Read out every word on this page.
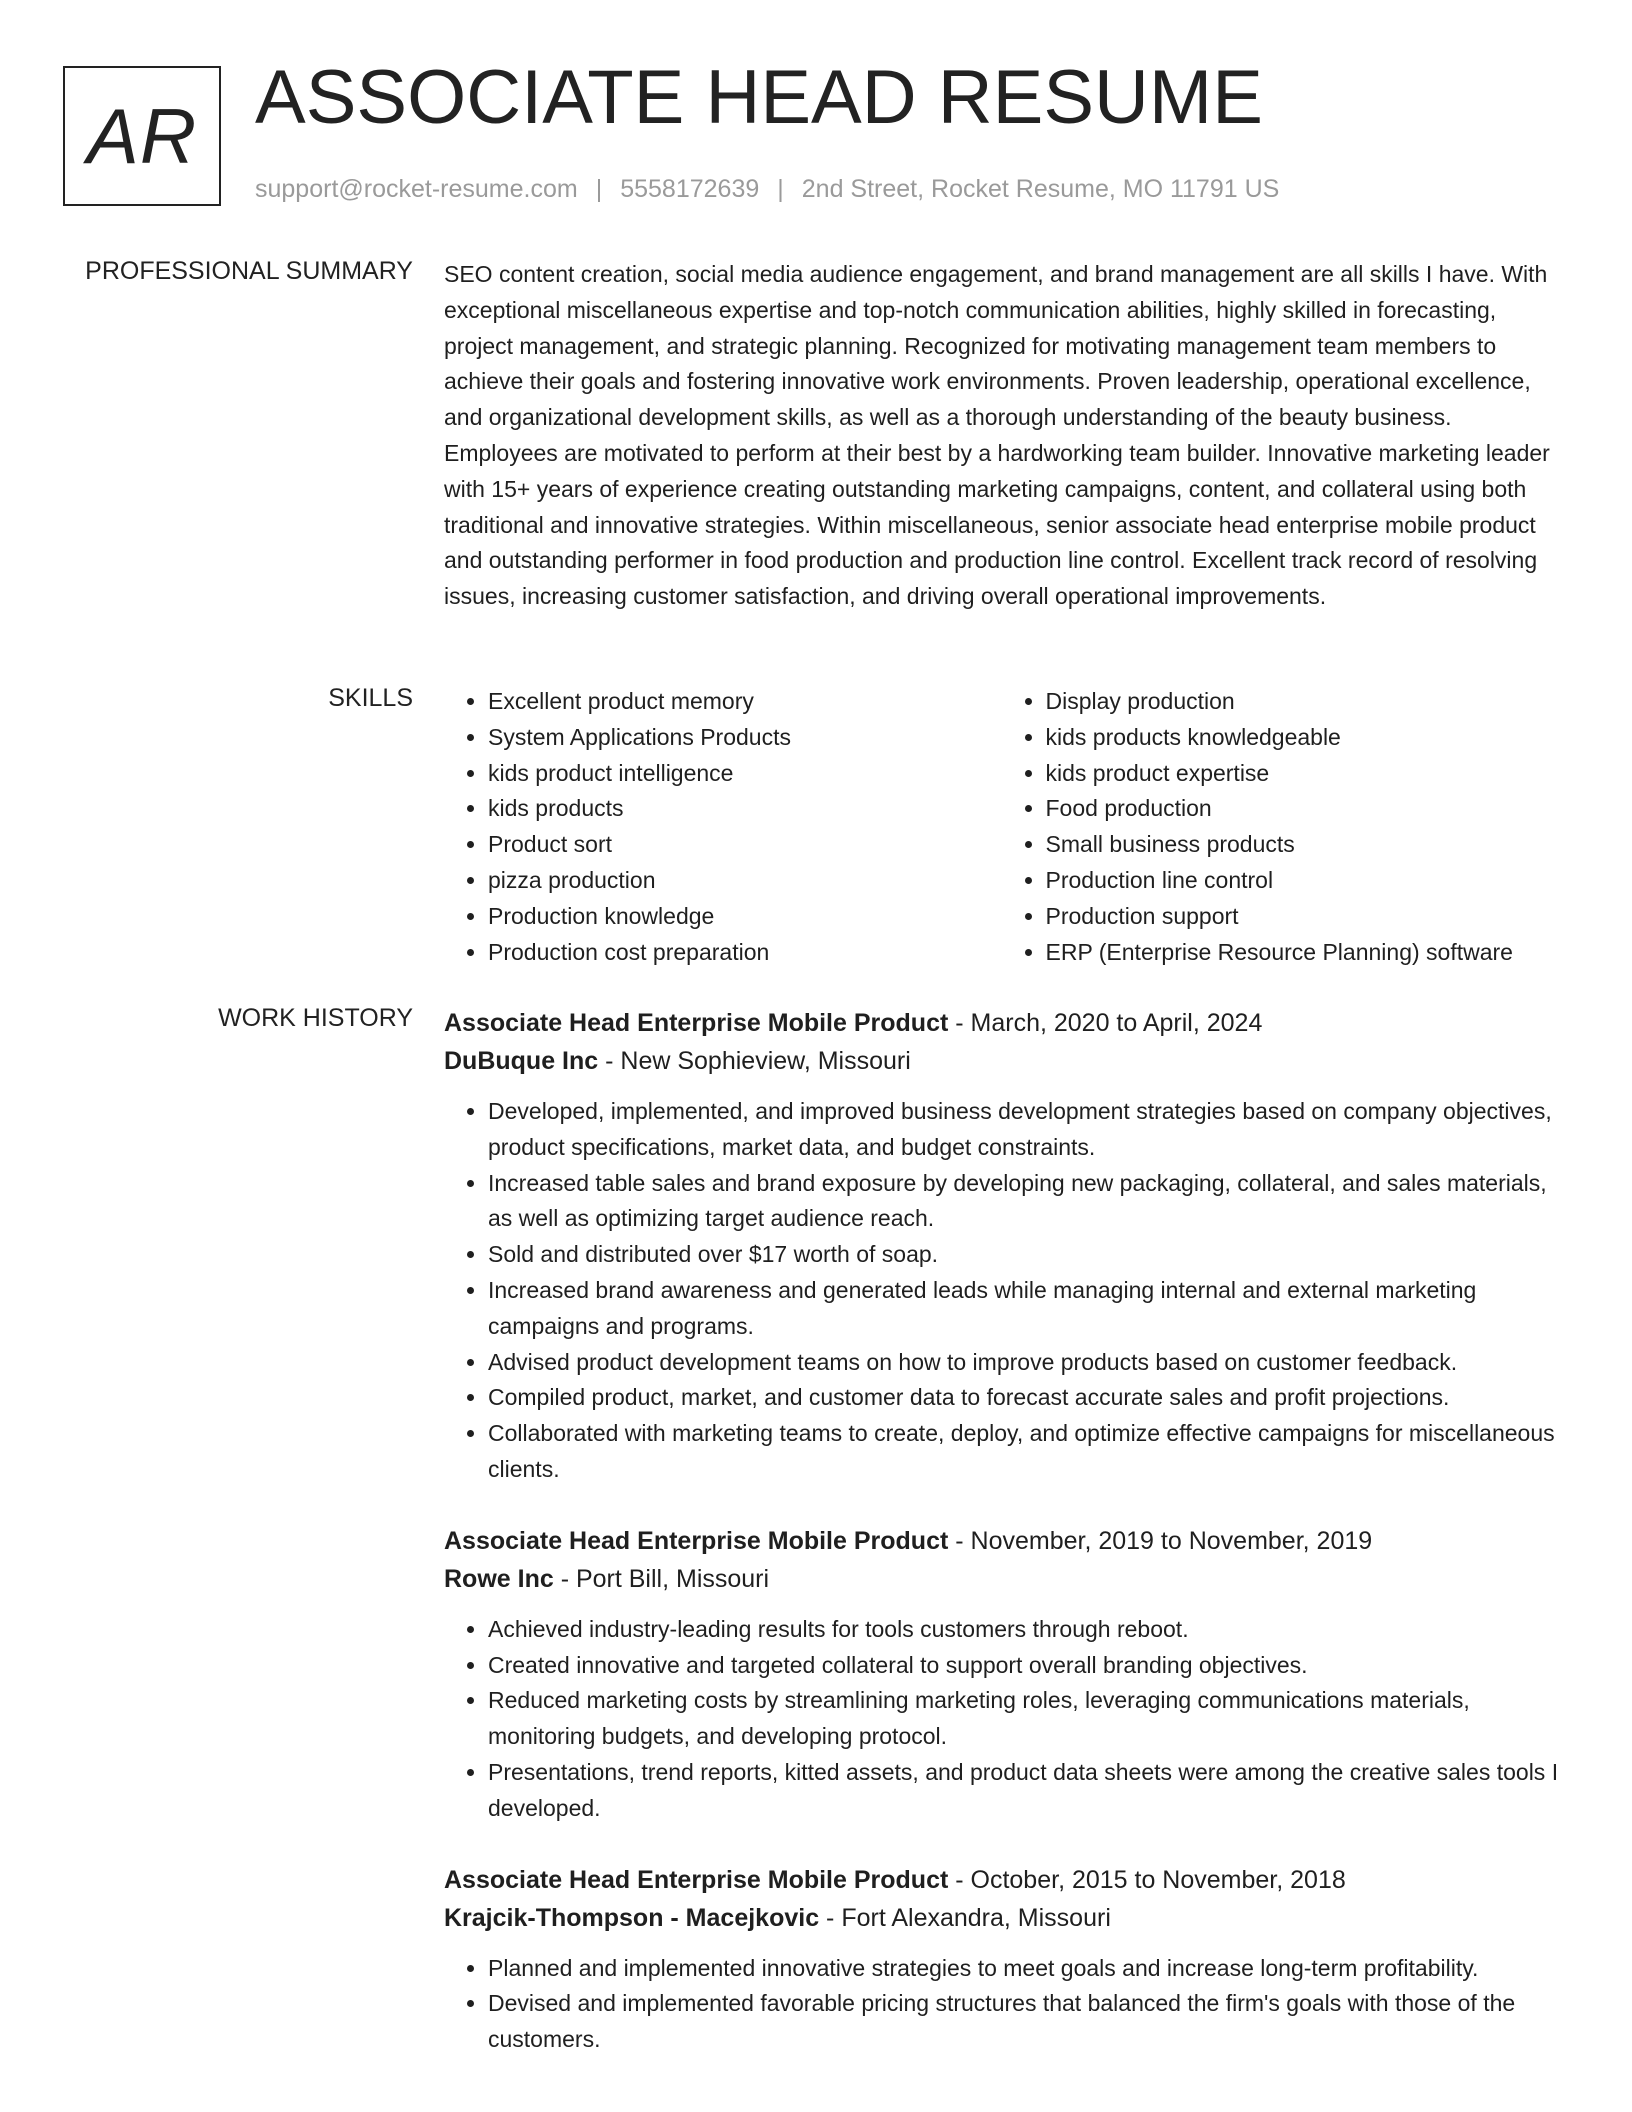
AR ASSOCIATE HEAD RESUME
support@rocket-resume.com | 5558172639 | 2nd Street, Rocket Resume, MO 11791 US
PROFESSIONAL SUMMARY SEO content creation, social media audience engagement, and brand management are all skills I have. With exceptional miscellaneous expertise and top-notch communication abilities, highly skilled in forecasting, project management, and strategic planning. Recognized for motivating management team members to achieve their goals and fostering innovative work environments. Proven leadership, operational excellence, and organizational development skills, as well as a thorough understanding of the beauty business. Employees are motivated to perform at their best by a hardworking team builder. Innovative marketing leader with 15+ years of experience creating outstanding marketing campaigns, content, and collateral using both traditional and innovative strategies. Within miscellaneous, senior associate head enterprise mobile product and outstanding performer in food production and production line control. Excellent track record of resolving issues, increasing customer satisfaction, and driving overall operational improvements.

SKILLS
•	Excellent product memory
• System Applications Products
• kids product intelligence
• kids products
• Product sort
• pizza production
• Production knowledge
• Production cost preparation
• Display production
• kids products knowledgeable
• kids product expertise
• Food production
• Small business products
• Production line control
• Production support
• ERP (Enterprise Resource Planning) software
WORK HISTORY Associate Head Enterprise Mobile Product - March, 2020 to April, 2024
DuBuque Inc - New Sophieview, Missouri
• Developed, implemented, and improved business development strategies based on company objectives, product specifications, market data, and budget constraints.
• Increased table sales and brand exposure by developing new packaging, collateral, and sales materials, as well as optimizing target audience reach.
• Sold and distributed over $17 worth of soap.
• Increased brand awareness and generated leads while managing internal and external marketing campaigns and programs.
• Advised product development teams on how to improve products based on customer feedback.
• Compiled product, market, and customer data to forecast accurate sales and profit projections.
• Collaborated with marketing teams to create, deploy, and optimize effective campaigns for miscellaneous clients.
Associate Head Enterprise Mobile Product - November, 2019 to November, 2019
Rowe Inc - Port Bill, Missouri
• Achieved industry-leading results for tools customers through reboot.
• Created innovative and targeted collateral to support overall branding objectives.
• Reduced marketing costs by streamlining marketing roles, leveraging communications materials, monitoring budgets, and developing protocol.
• Presentations, trend reports, kitted assets, and product data sheets were among the creative sales tools I developed.
Associate Head Enterprise Mobile Product - October, 2015 to November, 2018
Krajcik-Thompson - Macejkovic - Fort Alexandra, Missouri
• Planned and implemented innovative strategies to meet goals and increase long-term profitability.
• Devised and implemented favorable pricing structures that balanced the firm's goals with those of the customers.
